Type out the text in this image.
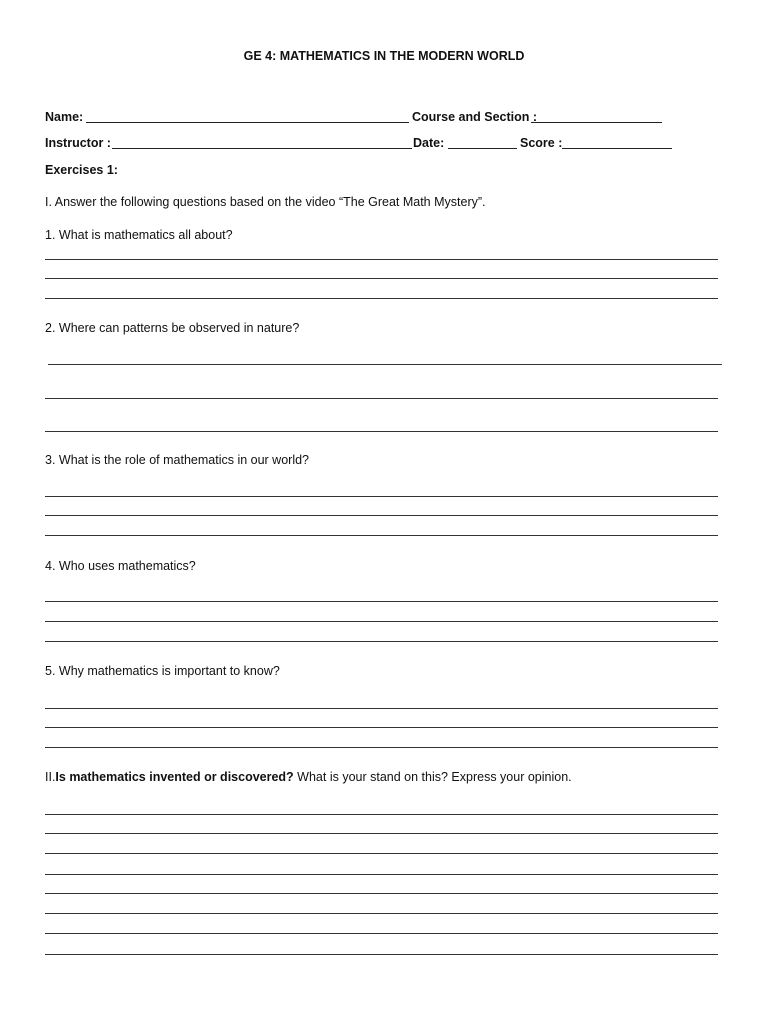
GE 4: MATHEMATICS IN THE MODERN WORLD
Name:	Course and Section :
Instructor :	Date:	Score :
Exercises 1:
I. Answer the following questions based on the video “The Great Math Mystery”.
1. What is mathematics all about?
2. Where can patterns be observed in nature?
3. What is the role of mathematics in our world?
4. Who uses mathematics?
5. Why mathematics is important to know?
II.Is mathematics invented or discovered? What is your stand on this? Express your opinion.
